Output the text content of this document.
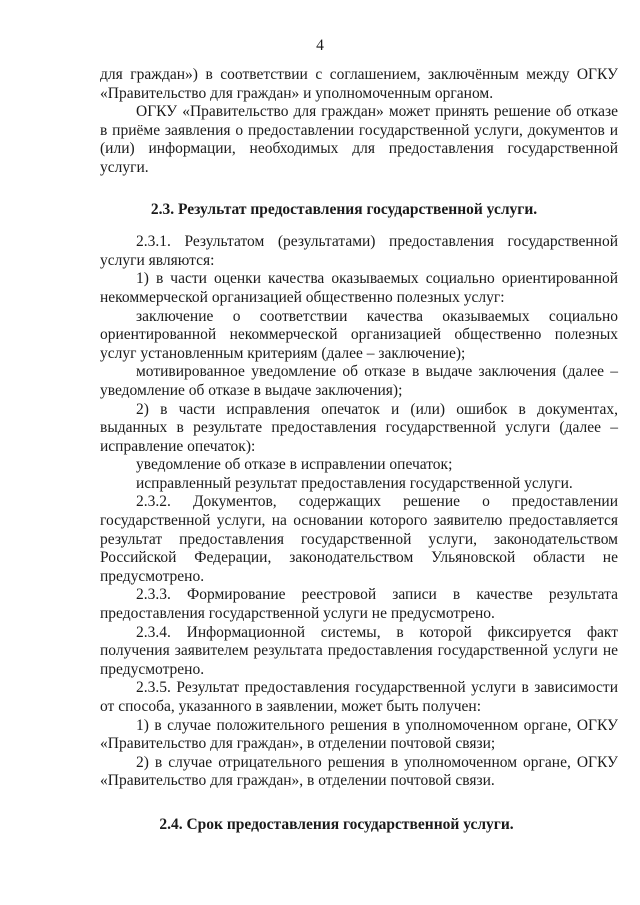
4

для граждан») в соответствии с соглашением, заключённым между ОГКУ «Правительство для граждан» и уполномоченным органом.

ОГКУ «Правительство для граждан» может принять решение об отказе в приёме заявления о предоставлении государственной услуги, документов и (или) информации, необходимых для предоставления государственной услуги.

2.3. Результат предоставления государственной услуги.

2.3.1. Результатом (результатами) предоставления государственной услуги являются:

1) в части оценки качества оказываемых социально ориентированной некоммерческой организацией общественно полезных услуг:

заключение о соответствии качества оказываемых социально ориентированной некоммерческой организацией общественно полезных услуг установленным критериям (далее – заключение);

мотивированное уведомление об отказе в выдаче заключения (далее – уведомление об отказе в выдаче заключения);

2) в части исправления опечаток и (или) ошибок в документах, выданных в результате предоставления государственной услуги (далее – исправление опечаток):

уведомление об отказе в исправлении опечаток;

исправленный результат предоставления государственной услуги.

2.3.2. Документов, содержащих решение о предоставлении государственной услуги, на основании которого заявителю предоставляется результат предоставления государственной услуги, законодательством Российской Федерации, законодательством Ульяновской области не предусмотрено.

2.3.3. Формирование реестровой записи в качестве результата предоставления государственной услуги не предусмотрено.

2.3.4. Информационной системы, в которой фиксируется факт получения заявителем результата предоставления государственной услуги не предусмотрено.

2.3.5. Результат предоставления государственной услуги в зависимости от способа, указанного в заявлении, может быть получен:

1) в случае положительного решения в уполномоченном органе, ОГКУ «Правительство для граждан», в отделении почтовой связи;

2) в случае отрицательного решения в уполномоченном органе, ОГКУ «Правительство для граждан», в отделении почтовой связи.

2.4. Срок предоставления государственной услуги.
